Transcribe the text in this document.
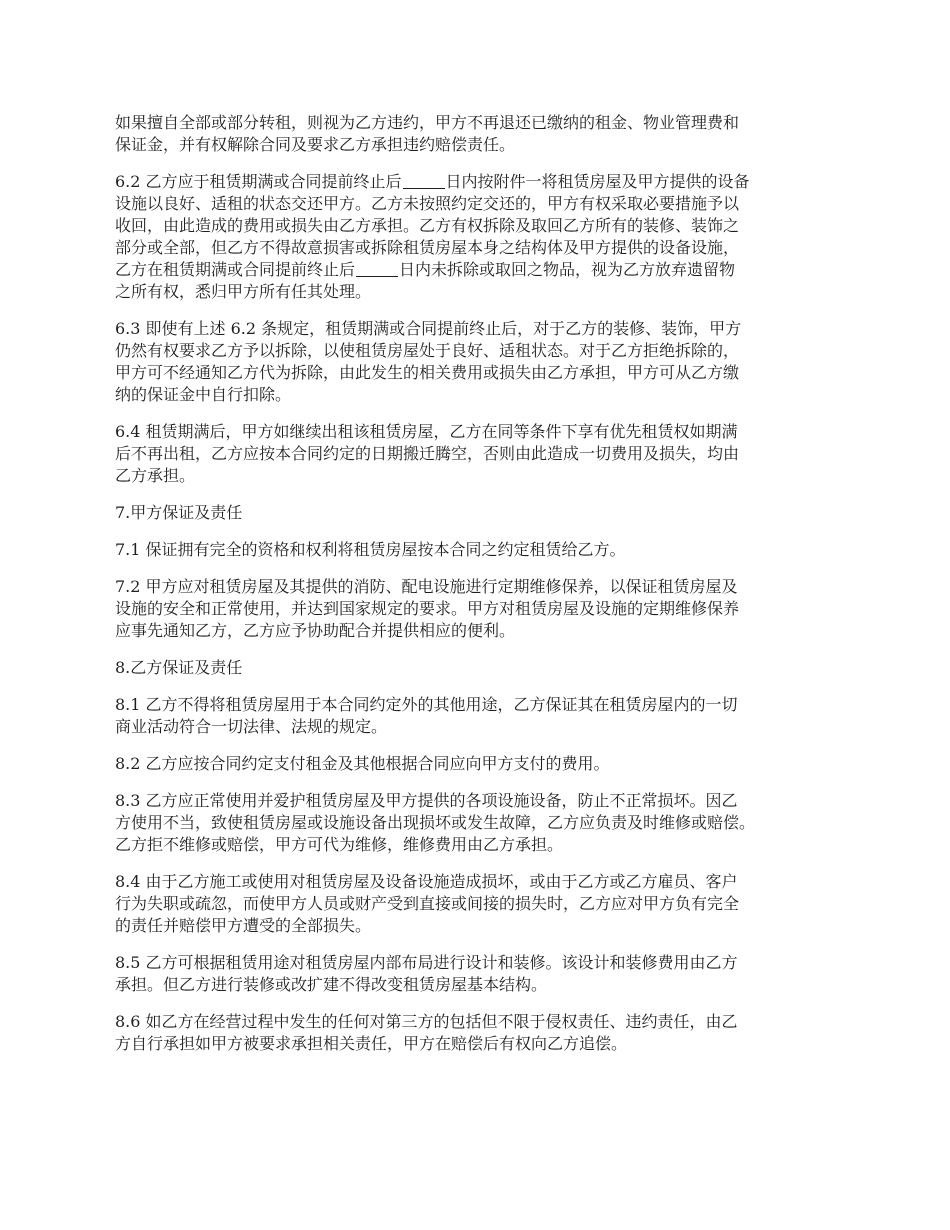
如果擅自全部或部分转租，则视为乙方违约，甲方不再退还已缴纳的租金、物业管理费和
保证金，并有权解除合同及要求乙方承担违约赔偿责任。

6.2 乙方应于租赁期满或合同提前终止后	日内按附件一将租赁房屋及甲方提供的设备
设施以良好、适租的状态交还甲方。乙方未按照约定交还的，甲方有权采取必要措施予以
收回，由此造成的费用或损失由乙方承担。乙方有权拆除及取回乙方所有的装修、装饰之
部分或全部，但乙方不得故意损害或拆除租赁房屋本身之结构体及甲方提供的设备设施，
乙方在租赁期满或合同提前终止后	日内未拆除或取回之物品，视为乙方放弃遗留物
之所有权，悉归甲方所有任其处理。

6.3 即使有上述 6.2 条规定，租赁期满或合同提前终止后，对于乙方的装修、装饰，甲方
仍然有权要求乙方予以拆除，以使租赁房屋处于良好、适租状态。对于乙方拒绝拆除的，
甲方可不经通知乙方代为拆除，由此发生的相关费用或损失由乙方承担，甲方可从乙方缴
纳的保证金中自行扣除。

6.4 租赁期满后，甲方如继续出租该租赁房屋，乙方在同等条件下享有优先租赁权如期满
后不再出租，乙方应按本合同约定的日期搬迁腾空，否则由此造成一切费用及损失，均由
乙方承担。

7.甲方保证及责任

7.1 保证拥有完全的资格和权利将租赁房屋按本合同之约定租赁给乙方。

7.2 甲方应对租赁房屋及其提供的消防、配电设施进行定期维修保养，以保证租赁房屋及
设施的安全和正常使用，并达到国家规定的要求。甲方对租赁房屋及设施的定期维修保养
应事先通知乙方，乙方应予协助配合并提供相应的便利。

8.乙方保证及责任

8.1 乙方不得将租赁房屋用于本合同约定外的其他用途，乙方保证其在租赁房屋内的一切
商业活动符合一切法律、法规的规定。

8.2 乙方应按合同约定支付租金及其他根据合同应向甲方支付的费用。

8.3 乙方应正常使用并爱护租赁房屋及甲方提供的各项设施设备，防止不正常损坏。因乙
方使用不当，致使租赁房屋或设施设备出现损坏或发生故障，乙方应负责及时维修或赔偿。
乙方拒不维修或赔偿，甲方可代为维修，维修费用由乙方承担。

8.4 由于乙方施工或使用对租赁房屋及设备设施造成损坏，或由于乙方或乙方雇员、客户
行为失职或疏忽，而使甲方人员或财产受到直接或间接的损失时，乙方应对甲方负有完全
的责任并赔偿甲方遭受的全部损失。

8.5 乙方可根据租赁用途对租赁房屋内部布局进行设计和装修。该设计和装修费用由乙方
承担。但乙方进行装修或改扩建不得改变租赁房屋基本结构。

8.6 如乙方在经营过程中发生的任何对第三方的包括但不限于侵权责任、违约责任，由乙
方自行承担如甲方被要求承担相关责任，甲方在赔偿后有权向乙方追偿。
